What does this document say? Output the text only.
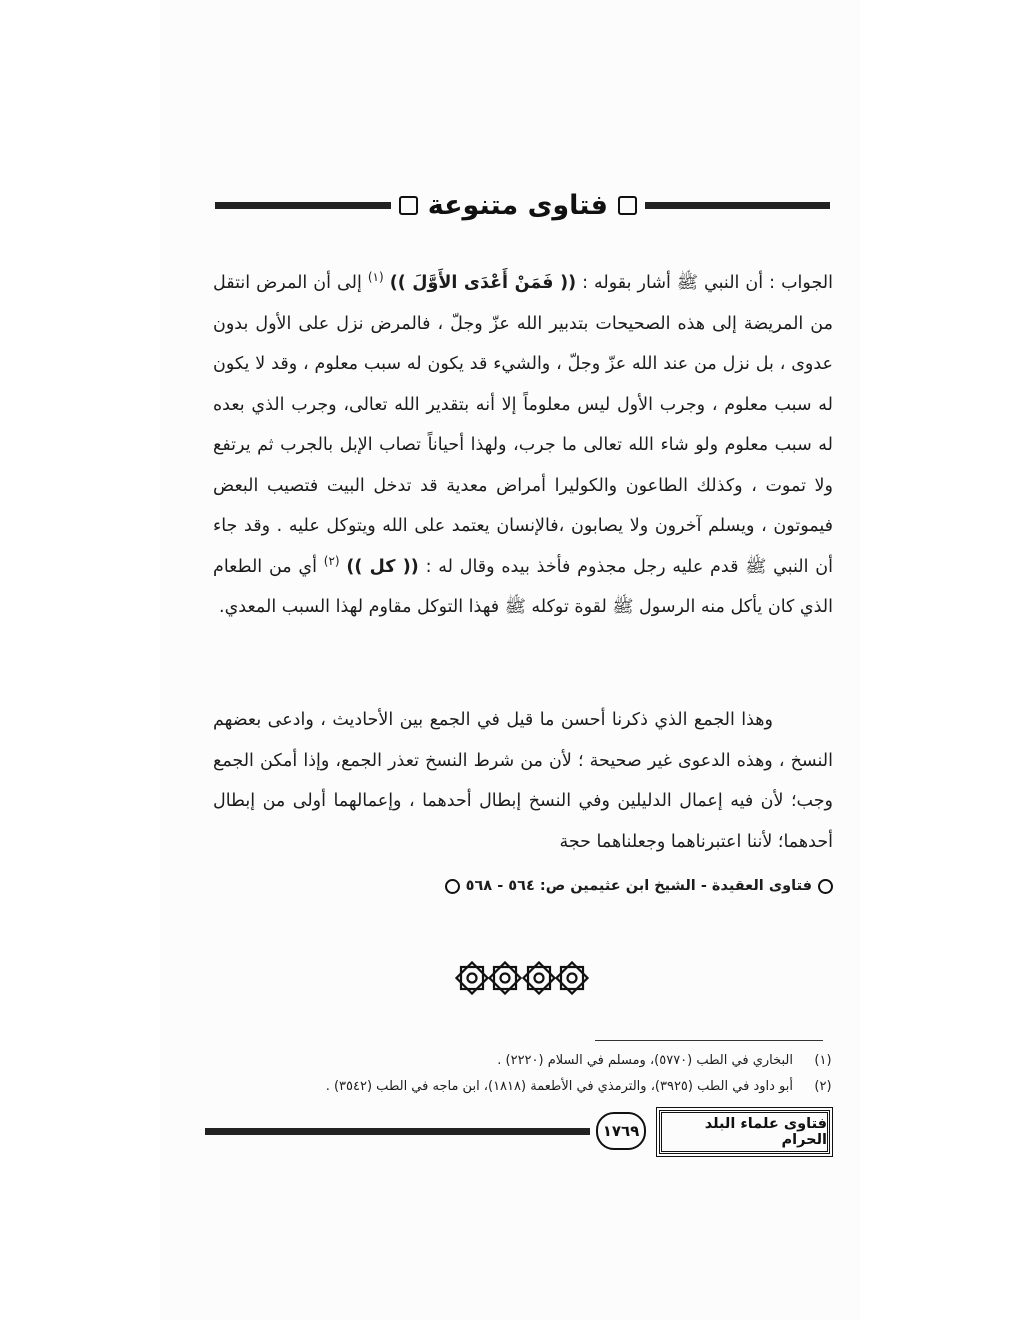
فتاوى متنوعة

الجواب : أن النبي ﷺ أشار بقوله : (( فَمَنْ أَعْدَى الأَوَّلَ )) $^{(١)}$ إلى أن المرض انتقل من المريضة إلى هذه الصحيحات بتدبير الله عزّ وجلّ ، فالمرض نزل على الأول بدون عدوى ، بل نزل من عند الله عزّ وجلّ ، والشيء قد يكون له سبب معلوم ، وقد لا يكون له سبب معلوم ، وجرب الأول ليس معلوماً إلا أنه بتقدير الله تعالى، وجرب الذي بعده له سبب معلوم ولو شاء الله تعالى ما جرب، ولهذا أحياناً تصاب الإبل بالجرب ثم يرتفع ولا تموت ، وكذلك الطاعون والكوليرا أمراض معدية قد تدخل البيت فتصيب البعض فيموتون ، ويسلم آخرون ولا يصابون ،فالإنسان يعتمد على الله ويتوكل عليه . وقد جاء أن النبي ﷺ قدم عليه رجل مجذوم فأخذ بيده وقال له : (( كل )) $^{(٢)}$ أي من الطعام الذي كان يأكل منه الرسول ﷺ لقوة توكله ﷺ فهذا التوكل مقاوم لهذا السبب المعدي.

وهذا الجمع الذي ذكرنا أحسن ما قيل في الجمع بين الأحاديث ، وادعى بعضهم النسخ ، وهذه الدعوى غير صحيحة ؛ لأن من شرط النسخ تعذر الجمع، وإذا أمكن الجمع وجب؛ لأن فيه إعمال الدليلين وفي النسخ إبطال أحدهما ، وإعمالهما أولى من إبطال أحدهما؛ لأننا اعتبرناهما وجعلناهما حجة

فتاوى العقيدة - الشيخ ابن عثيمين ص: ٥٦٤ - ٥٦٨
(١)
البخاري في الطب (٥٧٧٠)، ومسلم في السلام (٢٢٢٠) .
(٢)
أبو داود في الطب (٣٩٢٥)، والترمذي في الأطعمة (١٨١٨)، ابن ماجه في الطب (٣٥٤٢) .
١٧٦٩	فتاوى علماء البلد الحرام
